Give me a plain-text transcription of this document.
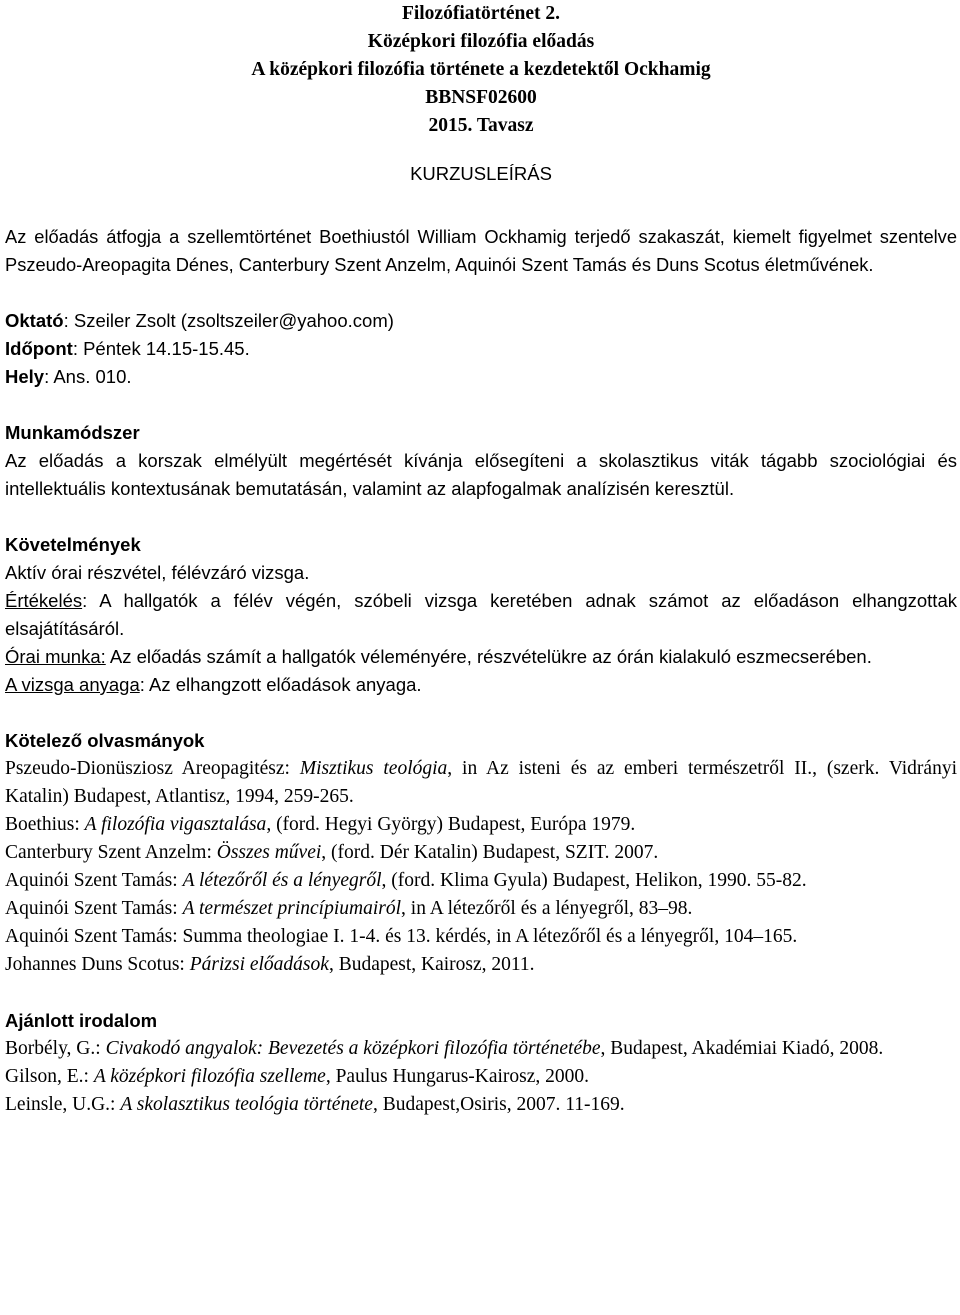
Filozófiatörténet 2.
Középkori filozófia előadás
A középkori filozófia története a kezdetektől Ockhamig
BBNSF02600
2015. Tavasz
KURZUSLEÍRÁS

Az előadás átfogja a szellemtörténet Boethiustól William Ockhamig terjedő szakaszát, kiemelt figyelmet szentelve Pszeudo-Areopagita Dénes, Canterbury Szent Anzelm, Aquinói Szent Tamás és Duns Scotus életművének.

Oktató: Szeiler Zsolt (zsoltszeiler@yahoo.com)
Időpont: Péntek 14.15-15.45.
Hely: Ans. 010.
Munkamódszer

Az előadás a korszak elmélyült megértését kívánja elősegíteni a skolasztikus viták tágabb szociológiai és intellektuális kontextusának bemutatásán, valamint az alapfogalmak analízisén keresztül.

Követelmények

Aktív órai részvétel, félévzáró vizsga.

Értékelés: A hallgatók a félév végén, szóbeli vizsga keretében adnak számot az előadáson elhangzottak elsajátításáról.

Órai munka: Az előadás számít a hallgatók véleményére, részvételükre az órán kialakuló eszmecserében.

A vizsga anyaga: Az elhangzott előadások anyaga.

Kötelező olvasmányok

Pszeudo-Dionüsziosz Areopagitész: Misztikus teológia, in Az isteni és az emberi természetről II., (szerk. Vidrányi Katalin) Budapest, Atlantisz, 1994, 259-265.

Boethius: A filozófia vigasztalása, (ford. Hegyi György) Budapest, Európa 1979.

Canterbury Szent Anzelm: Összes művei, (ford. Dér Katalin) Budapest, SZIT. 2007.

Aquinói Szent Tamás: A létezőről és a lényegről, (ford. Klima Gyula) Budapest, Helikon, 1990. 55-82.

Aquinói Szent Tamás: A természet princípiumairól, in A létezőről és a lényegről, 83–98.

Aquinói Szent Tamás: Summa theologiae I. 1-4. és 13. kérdés, in A létezőről és a lényegről, 104–165.

Johannes Duns Scotus: Párizsi előadások, Budapest, Kairosz, 2011.

Ajánlott irodalom

Borbély, G.: Civakodó angyalok: Bevezetés a középkori filozófia történetébe, Budapest, Akadémiai Kiadó, 2008.

Gilson, E.: A középkori filozófia szelleme, Paulus Hungarus-Kairosz, 2000.

Leinsle, U.G.: A skolasztikus teológia története, Budapest,Osiris, 2007. 11-169.
